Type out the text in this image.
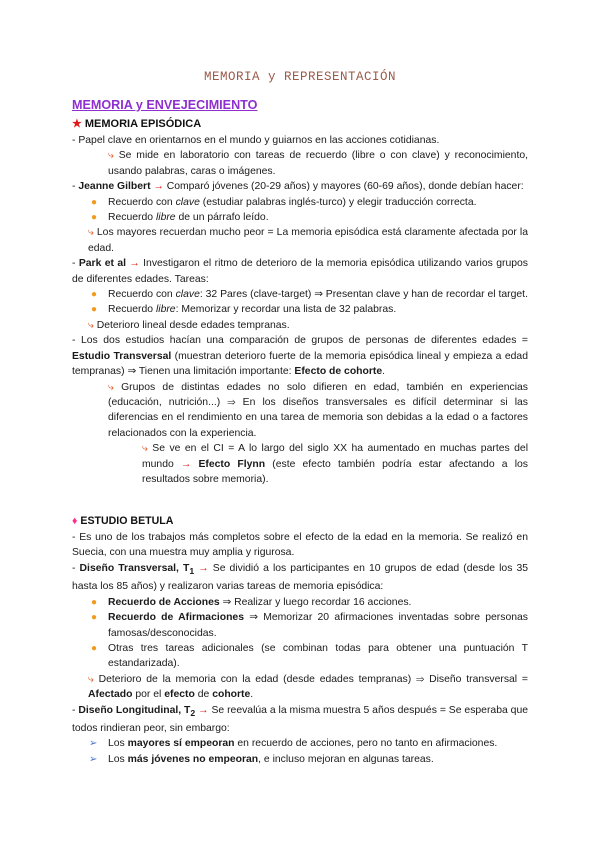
MEMORIA y REPRESENTACIÓN
MEMORIA y ENVEJECIMIENTO
★ MEMORIA EPISÓDICA
- Papel clave en orientarnos en el mundo y guiarnos en las acciones cotidianas.
⤷ Se mide en laboratorio con tareas de recuerdo (libre o con clave) y reconocimiento, usando palabras, caras o imágenes.
- Jeanne Gilbert → Comparó jóvenes (20-29 años) y mayores (60-69 años), donde debían hacer:
● Recuerdo con clave (estudiar palabras inglés-turco) y elegir traducción correcta.
● Recuerdo libre de un párrafo leído.
⤷ Los mayores recuerdan mucho peor = La memoria episódica está claramente afectada por la edad.
- Park et al → Investigaron el ritmo de deterioro de la memoria episódica utilizando varios grupos de diferentes edades. Tareas:
● Recuerdo con clave: 32 Pares (clave-target) ⇒ Presentan clave y han de recordar el target.
● Recuerdo libre: Memorizar y recordar una lista de 32 palabras.
⤷ Deterioro lineal desde edades tempranas.
- Los dos estudios hacían una comparación de grupos de personas de diferentes edades = Estudio Transversal (muestran deterioro fuerte de la memoria episódica lineal y empieza a edad tempranas) ⇒ Tienen una limitación importante: Efecto de cohorte.
⤷ Grupos de distintas edades no solo difieren en edad, también en experiencias (educación, nutrición...) ⇒ En los diseños transversales es difícil determinar si las diferencias en el rendimiento en una tarea de memoria son debidas a la edad o a factores relacionados con la experiencia.
⤷ Se ve en el CI = A lo largo del siglo XX ha aumentado en muchas partes del mundo → Efecto Flynn (este efecto también podría estar afectando a los resultados sobre memoria).
♦ ESTUDIO BETULA
- Es uno de los trabajos más completos sobre el efecto de la edad en la memoria. Se realizó en Suecia, con una muestra muy amplia y rigurosa.
- Diseño Transversal, $T_1 \to Se$ dividió a los participantes en 10 grupos de edad (desde los 35 hasta los 85 años) y realizaron varias tareas de memoria episódica:
● Recuerdo de Acciones ⇒ Realizar y luego recordar 16 acciones.
● Recuerdo de Afirmaciones ⇒ Memorizar 20 afirmaciones inventadas sobre personas famosas/desconocidas.
● Otras tres tareas adicionales (se combinan todas para obtener una puntuación T estandarizada).
⤷ Deterioro de la memoria con la edad (desde edades tempranas) ⇒ Diseño transversal = Afectado por el efecto de cohorte.
- Diseño Longitudinal, $T_2 \to Se$ reevalúa a la misma muestra 5 años después = Se esperaba que todos rindieran peor, sin embargo:
➢ Los mayores sí empeoran en recuerdo de acciones, pero no tanto en afirmaciones.
➢ Los más jóvenes no empeoran, e incluso mejoran en algunas tareas.
